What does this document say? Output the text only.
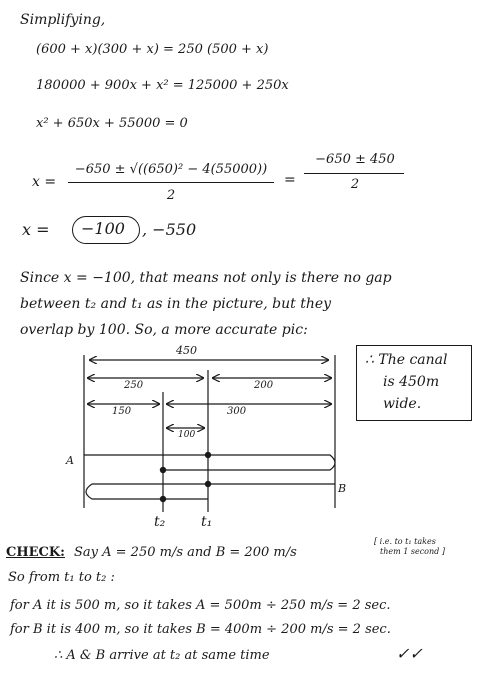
Simplifying,
(600 + x)(300 + x) = 250 (500 + x)
180000 + 900x + x² = 125000 + 250x
x² + 650x + 55000 = 0
x =
−650 ± √((650)² − 4(55000))
2
=
−650 ± 450
2
x = −100 , −550
Since x = −100, that means not only is there no gap
between t₂ and t₁ as in the picture, but they
overlap by 100. So, a more accurate pic:
450
250	200
150	300
100
A
B
t₂	t₁
∴ The canal
is 450m
wide.
CHECK: Say A = 250 m/s and B = 200 m/s
[ i.e. to t₁ takes
them 1 second ]
So from t₁ to t₂ :
for A it is 500 m, so it takes A = 500m ÷ 250 m/s = 2 sec.
for B it is 400 m, so it takes B = 400m ÷ 200 m/s = 2 sec.
∴ A & B arrive at t₂ at same time	✓✓
